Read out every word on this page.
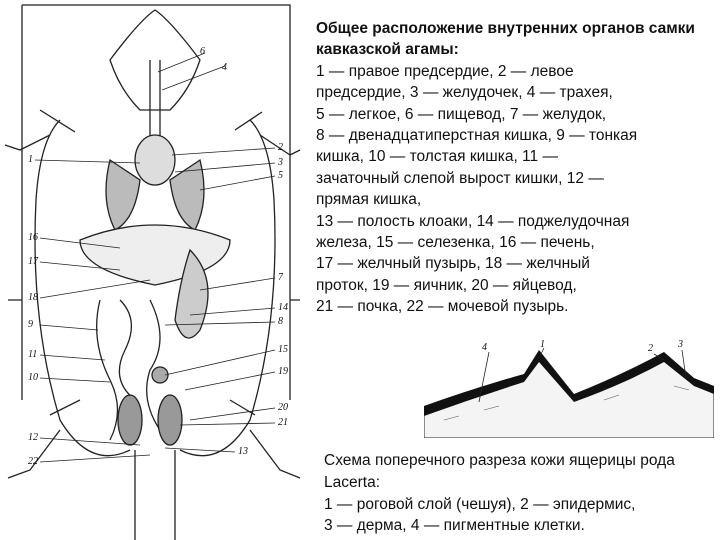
6
4
1
2
3
5
16
17
18
7
14
8
9
11
10
15
19
20
21
12
13
22
Общее расположение внутренних органов самки кавказской агамы:
1 — правое предсердие, 2 — левое
предсердие, 3 — желудочек, 4 — трахея,
5 — легкое, 6 — пищевод, 7 — желудок,
8 — двенадцатиперстная кишка, 9 — тонкая
кишка, 10 — толстая кишка, 11 —
зачаточный слепой вырост кишки, 12 —
прямая кишка,
13 — полость клоаки, 14 — поджелудочная
железа, 15 — селезенка, 16 — печень,
17 — желчный пузырь, 18 — желчный
проток, 19 — яичник, 20 — яйцевод,
21 — почка, 22 — мочевой пузырь.
4	1	2	3
Схема поперечного разреза кожи ящерицы рода Lacerta:
1 — роговой слой (чешуя), 2 — эпидермис,
3 — дерма, 4 — пигментные клетки.
